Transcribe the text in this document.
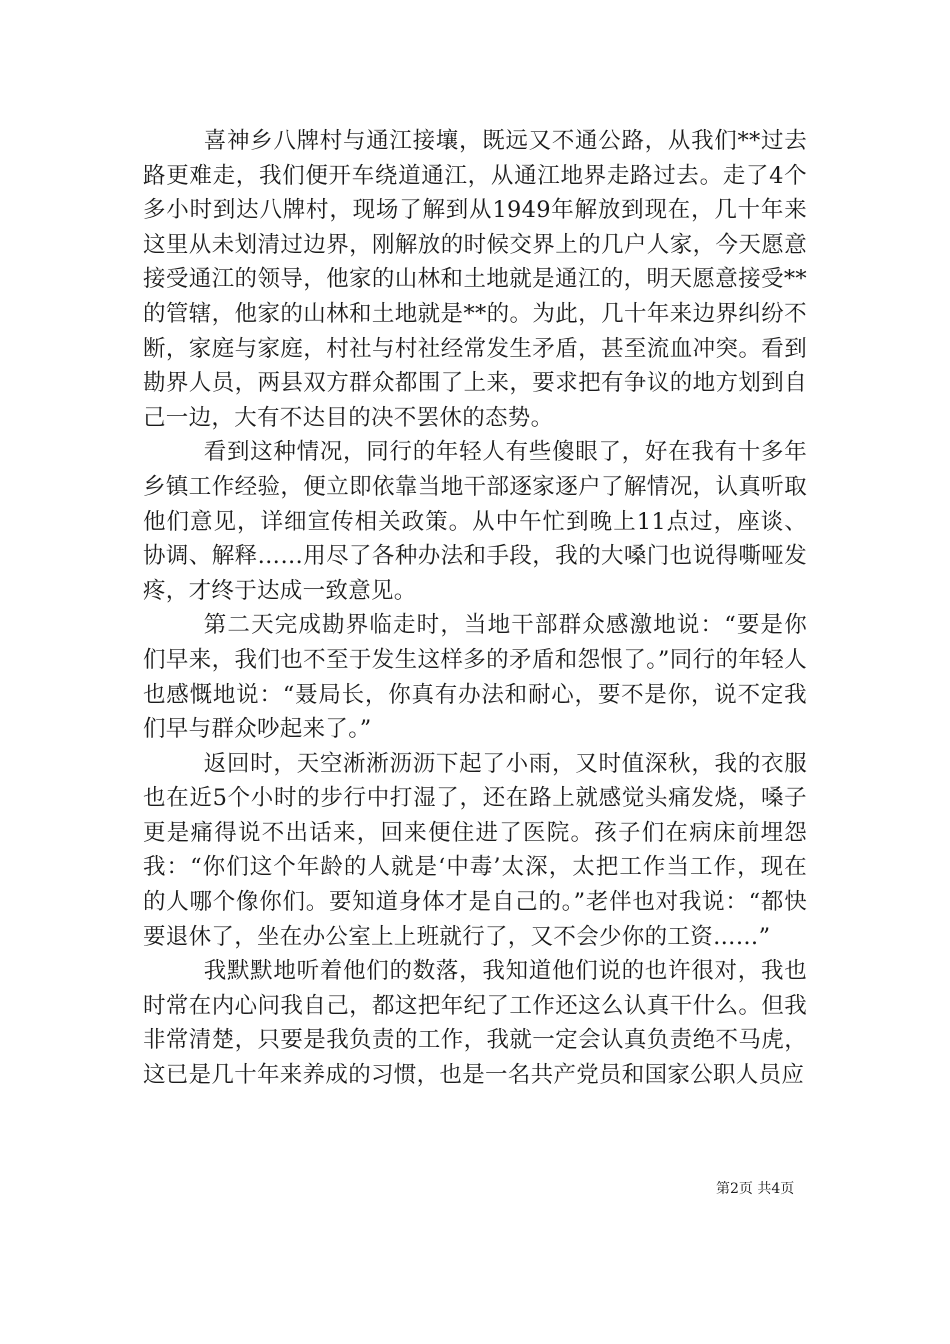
喜神乡八牌村与通江接壤，既远又不通公路，从我们**过去路更难走，我们便开车绕道通江，从通江地界走路过去。走了4个多小时到达八牌村，现场了解到从1949年解放到现在，几十年来这里从未划清过边界，刚解放的时候交界上的几户人家，今天愿意接受通江的领导，他家的山林和土地就是通江的，明天愿意接受**的管辖，他家的山林和土地就是**的。为此，几十年来边界纠纷不断，家庭与家庭，村社与村社经常发生矛盾，甚至流血冲突。看到勘界人员，两县双方群众都围了上来，要求把有争议的地方划到自己一边，大有不达目的决不罢休的态势。

看到这种情况，同行的年轻人有些傻眼了，好在我有十多年乡镇工作经验，便立即依靠当地干部逐家逐户了解情况，认真听取他们意见，详细宣传相关政策。从中午忙到晚上11点过，座谈、协调、解释……用尽了各种办法和手段，我的大嗓门也说得嘶哑发疼，才终于达成一致意见。

第二天完成勘界临走时，当地干部群众感激地说：“要是你们早来，我们也不至于发生这样多的矛盾和怨恨了。”同行的年轻人也感慨地说：“聂局长，你真有办法和耐心，要不是你，说不定我们早与群众吵起来了。”

返回时，天空淅淅沥沥下起了小雨，又时值深秋，我的衣服也在近5个小时的步行中打湿了，还在路上就感觉头痛发烧，嗓子更是痛得说不出话来，回来便住进了医院。孩子们在病床前埋怨我：“你们这个年龄的人就是‘中毒’太深，太把工作当工作，现在的人哪个像你们。要知道身体才是自己的。”老伴也对我说：“都快要退休了，坐在办公室上上班就行了，又不会少你的工资……”

我默默地听着他们的数落，我知道他们说的也许很对，我也时常在内心问我自己，都这把年纪了工作还这么认真干什么。但我非常清楚，只要是我负责的工作，我就一定会认真负责绝不马虎，这已是几十年来养成的习惯，也是一名共产党员和国家公职人员应

第2页 共4页
